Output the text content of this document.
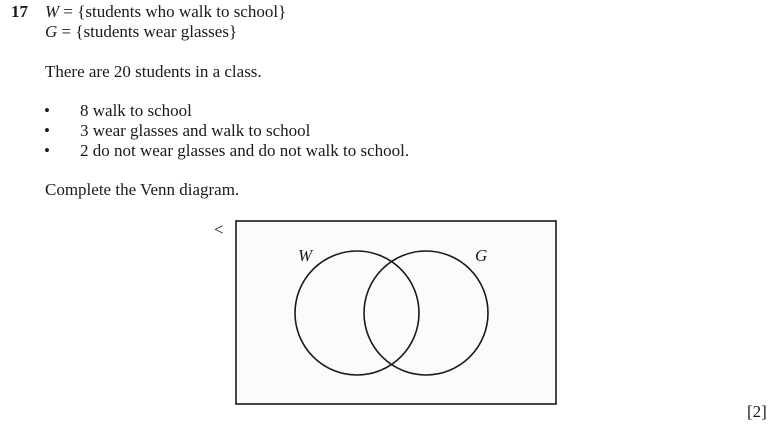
17 W = {students who walk to school}
G = {students wear glasses}
There are 20 students in a class.
• 8 walk to school
• 3 wear glasses and walk to school
• 2 do not wear glasses and do not walk to school.
Complete the Venn diagram.
<
W	G
[2]
